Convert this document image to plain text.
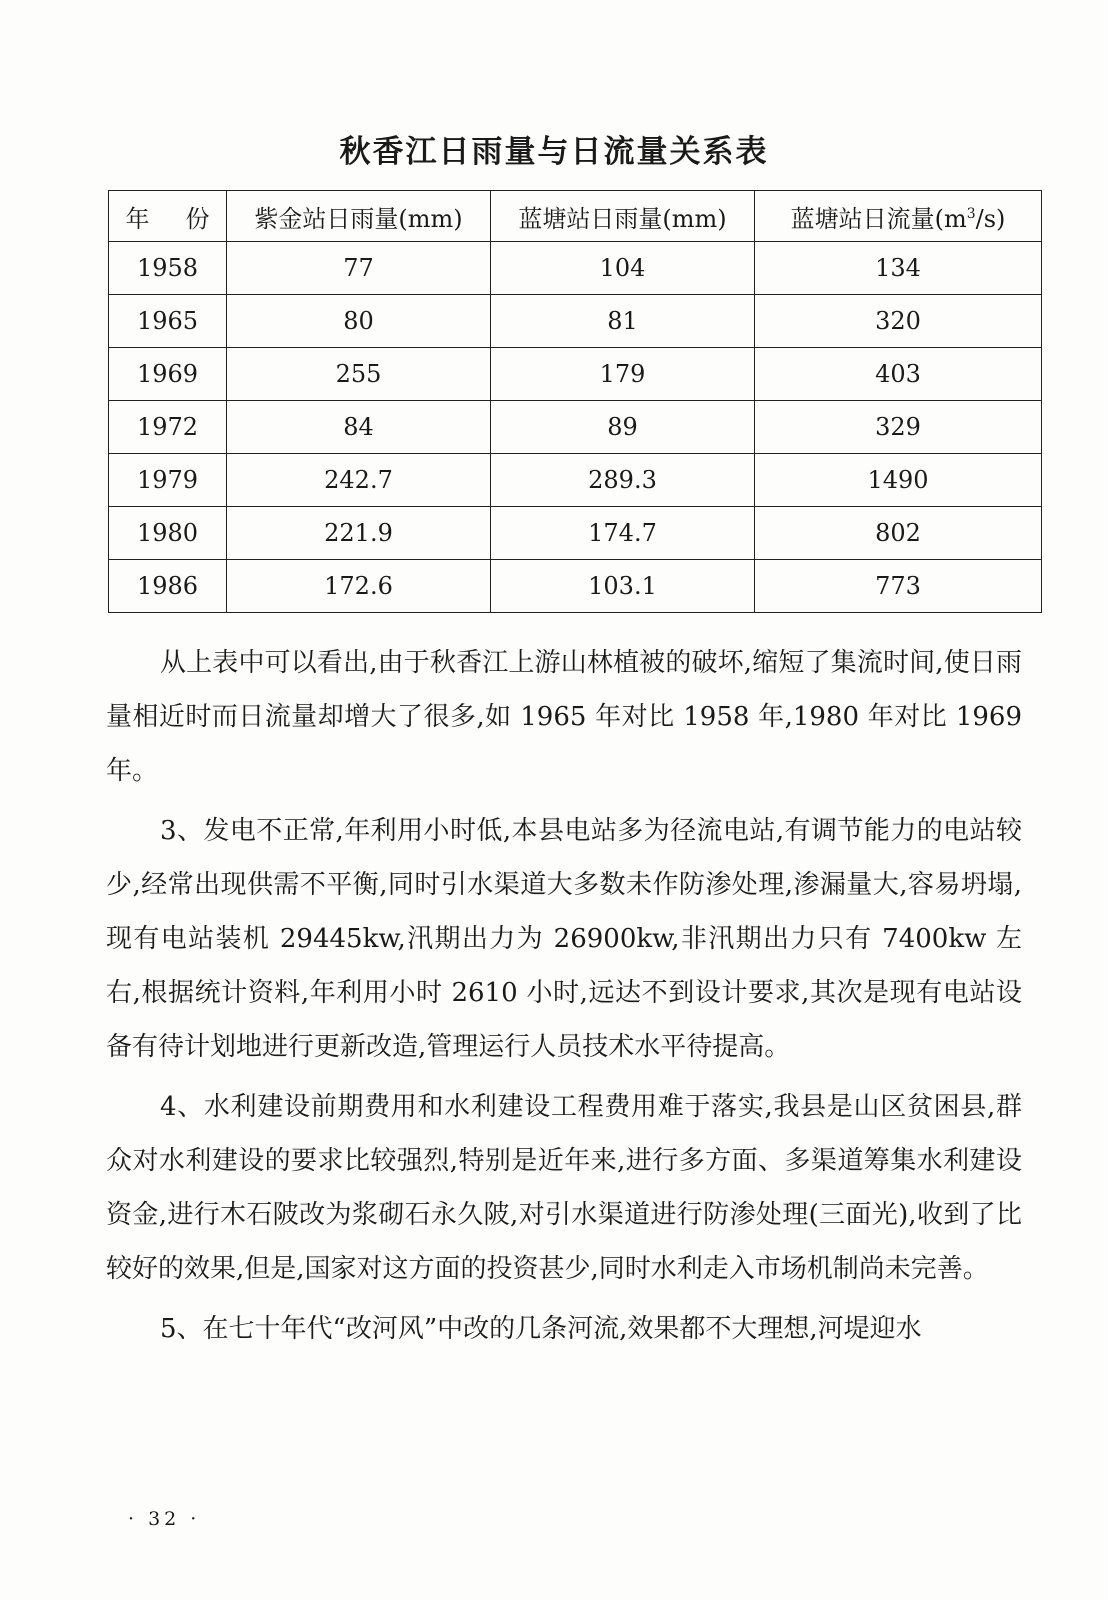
秋香江日雨量与日流量关系表
年 份	紫金站日雨量(mm)	蓝塘站日雨量(mm)	蓝塘站日流量$(m^3/s)$
1958	77	104	134
1965	80	81	320
1969	255	179	403
1972	84	89	329
1979	242.7	289.3	1490
1980	221.9	174.7	802
1986	172.6	103.1	773

从上表中可以看出,由于秋香江上游山林植被的破坏,缩短了集流时间,使日雨量相近时而日流量却增大了很多,如 1965 年对比 1958 年,1980 年对比 1969 年。

3、发电不正常,年利用小时低,本县电站多为径流电站,有调节能力的电站较少,经常出现供需不平衡,同时引水渠道大多数未作防渗处理,渗漏量大,容易坍塌,现有电站装机 29445kw,汛期出力为 26900kw,非汛期出力只有 7400kw 左右,根据统计资料,年利用小时 2610 小时,远达不到设计要求,其次是现有电站设备有待计划地进行更新改造,管理运行人员技术水平待提高。

4、水利建设前期费用和水利建设工程费用难于落实,我县是山区贫困县,群众对水利建设的要求比较强烈,特别是近年来,进行多方面、多渠道筹集水利建设资金,进行木石陂改为浆砌石永久陂,对引水渠道进行防渗处理(三面光),收到了比较好的效果,但是,国家对这方面的投资甚少,同时水利走入市场机制尚未完善。

5、在七十年代“改河风”中改的几条河流,效果都不大理想,河堤迎水

· 32 ·
